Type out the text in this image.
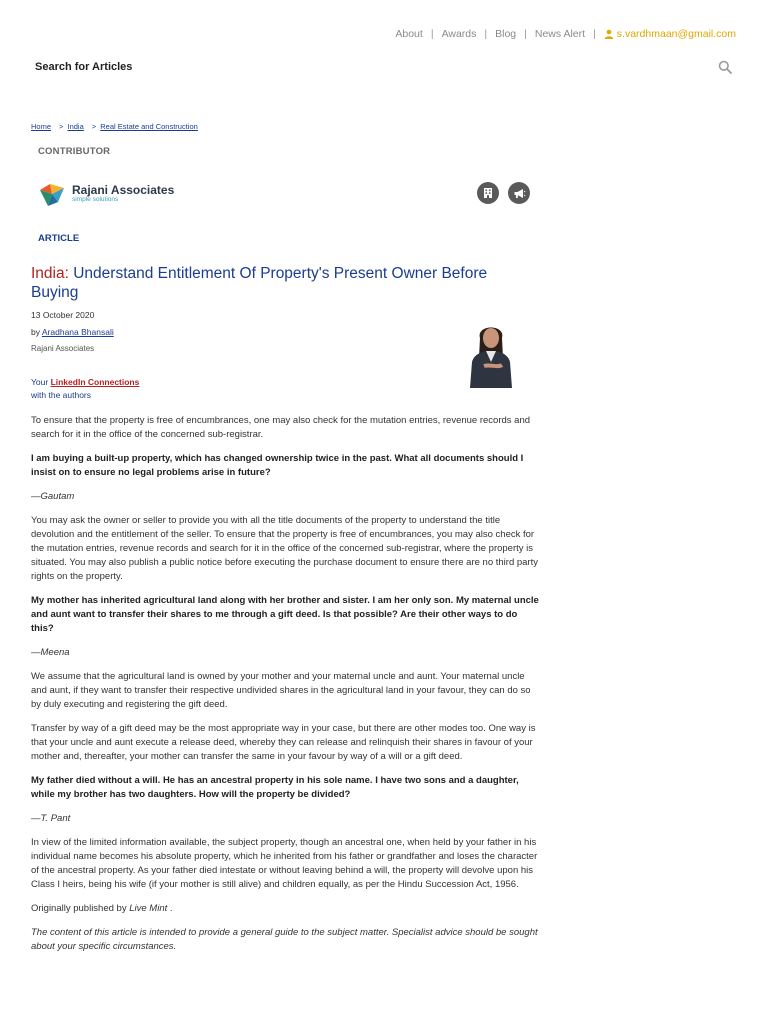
About | Awards | Blog | News Alert | s.vardhmaan@gmail.com
Search for Articles
Home > India > Real Estate and Construction
CONTRIBUTOR
Rajani Associates
simple solutions
ARTICLE
India: Understand Entitlement Of Property's Present Owner Before Buying
13 October 2020
by Aradhana Bhansali
Rajani Associates
Your LinkedIn Connections
with the authors

To ensure that the property is free of encumbrances, one may also check for the mutation entries, revenue records and search for it in the office of the concerned sub-registrar.

I am buying a built-up property, which has changed ownership twice in the past. What all documents should I insist on to ensure no legal problems arise in future?

—Gautam

You may ask the owner or seller to provide you with all the title documents of the property to understand the title devolution and the entitlement of the seller. To ensure that the property is free of encumbrances, you may also check for the mutation entries, revenue records and search for it in the office of the concerned sub-registrar, where the property is situated. You may also publish a public notice before executing the purchase document to ensure there are no third party rights on the property.

My mother has inherited agricultural land along with her brother and sister. I am her only son. My maternal uncle and aunt want to transfer their shares to me through a gift deed. Is that possible? Are their other ways to do this?

—Meena

We assume that the agricultural land is owned by your mother and your maternal uncle and aunt. Your maternal uncle and aunt, if they want to transfer their respective undivided shares in the agricultural land in your favour, they can do so by duly executing and registering the gift deed.

Transfer by way of a gift deed may be the most appropriate way in your case, but there are other modes too. One way is that your uncle and aunt execute a release deed, whereby they can release and relinquish their shares in favour of your mother and, thereafter, your mother can transfer the same in your favour by way of a will or a gift deed.

My father died without a will. He has an ancestral property in his sole name. I have two sons and a daughter, while my brother has two daughters. How will the property be divided?

—T. Pant

In view of the limited information available, the subject property, though an ancestral one, when held by your father in his individual name becomes his absolute property, which he inherited from his father or grandfather and loses the character of the ancestral property. As your father died intestate or without leaving behind a will, the property will devolve upon his Class I heirs, being his wife (if your mother is still alive) and children equally, as per the Hindu Succession Act, 1956.

Originally published by Live Mint .

The content of this article is intended to provide a general guide to the subject matter. Specialist advice should be sought about your specific circumstances.
